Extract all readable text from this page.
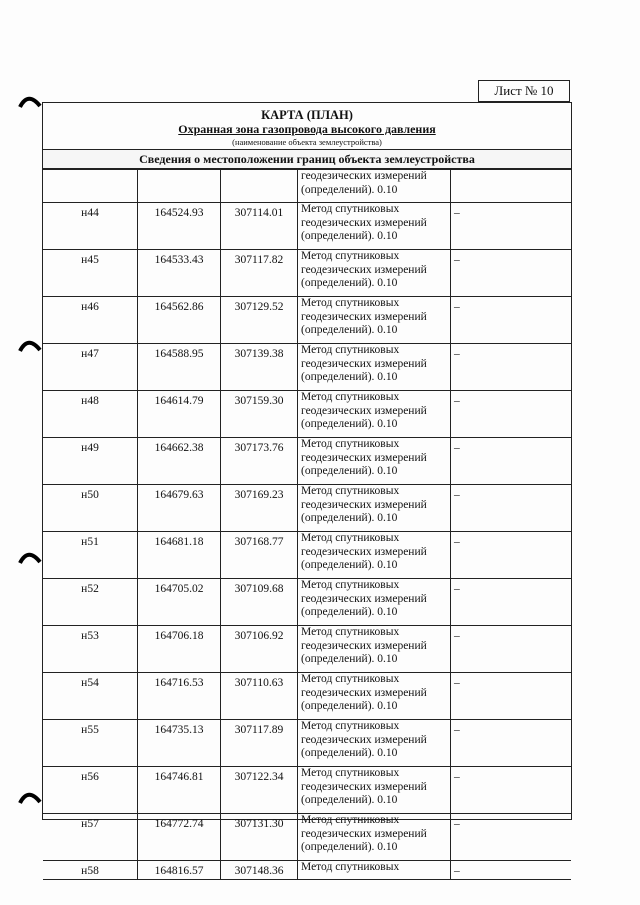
Лист № 10
КАРТА (ПЛАН)
Охранная зона газопровода высокого давления
(наименование объекта землеустройства)
Сведения о местоположении границ объекта землеустройства
			геодезических измерений (определений). 0.10	
н44	164524.93	307114.01	Метод спутниковых геодезических измерений (определений). 0.10	–
н45	164533.43	307117.82	Метод спутниковых геодезических измерений (определений). 0.10	–
н46	164562.86	307129.52	Метод спутниковых геодезических измерений (определений). 0.10	–
н47	164588.95	307139.38	Метод спутниковых геодезических измерений (определений). 0.10	–
н48	164614.79	307159.30	Метод спутниковых геодезических измерений (определений). 0.10	–
н49	164662.38	307173.76	Метод спутниковых геодезических измерений (определений). 0.10	–
н50	164679.63	307169.23	Метод спутниковых геодезических измерений (определений). 0.10	–
н51	164681.18	307168.77	Метод спутниковых геодезических измерений (определений). 0.10	–
н52	164705.02	307109.68	Метод спутниковых геодезических измерений (определений). 0.10	–
н53	164706.18	307106.92	Метод спутниковых геодезических измерений (определений). 0.10	–
н54	164716.53	307110.63	Метод спутниковых геодезических измерений (определений). 0.10	–
н55	164735.13	307117.89	Метод спутниковых геодезических измерений (определений). 0.10	–
н56	164746.81	307122.34	Метод спутниковых геодезических измерений (определений). 0.10	–
н57	164772.74	307131.30	Метод спутниковых геодезических измерений (определений). 0.10	–
н58	164816.57	307148.36	Метод спутниковых	–
